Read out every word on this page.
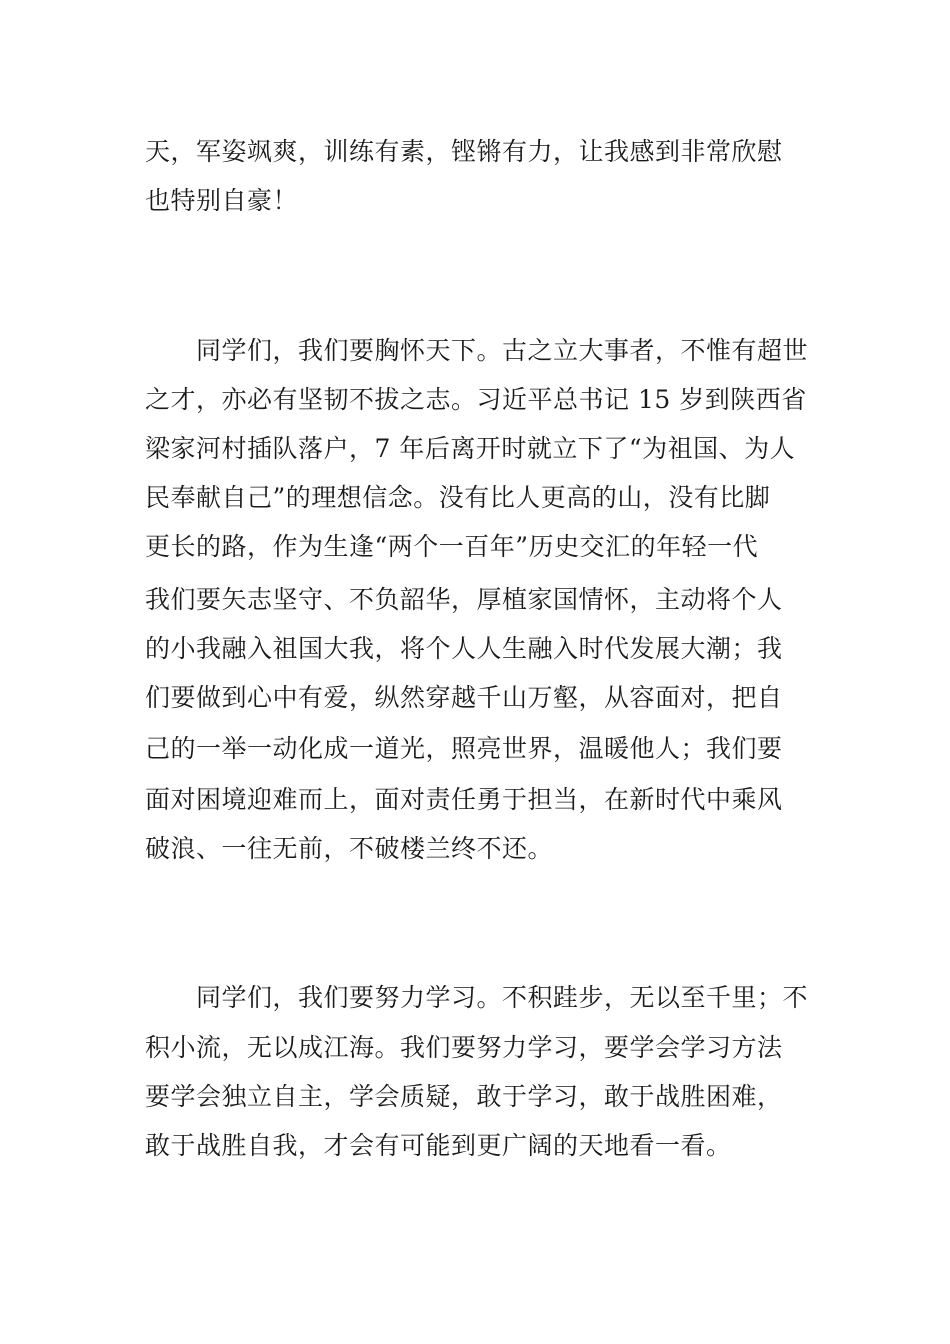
天，军姿飒爽，训练有素，铿锵有力，让我感到非常欣慰
也特别自豪！
　　同学们，我们要胸怀天下。古之立大事者，不惟有超世
之才，亦必有坚韧不拔之志。习近平总书记 15 岁到陕西省
梁家河村插队落户，7 年后离开时就立下了“为祖国、为人
民奉献自己”的理想信念。没有比人更高的山，没有比脚
更长的路，作为生逢“两个一百年”历史交汇的年轻一代
我们要矢志坚守、不负韶华，厚植家国情怀，主动将个人
的小我融入祖国大我，将个人人生融入时代发展大潮；我
们要做到心中有爱，纵然穿越千山万壑，从容面对，把自
己的一举一动化成一道光，照亮世界，温暖他人；我们要
面对困境迎难而上，面对责任勇于担当，在新时代中乘风
破浪、一往无前，不破楼兰终不还。
　　同学们，我们要努力学习。不积跬步，无以至千里；不
积小流，无以成江海。我们要努力学习，要学会学习方法
要学会独立自主，学会质疑，敢于学习，敢于战胜困难，
敢于战胜自我，才会有可能到更广阔的天地看一看。
